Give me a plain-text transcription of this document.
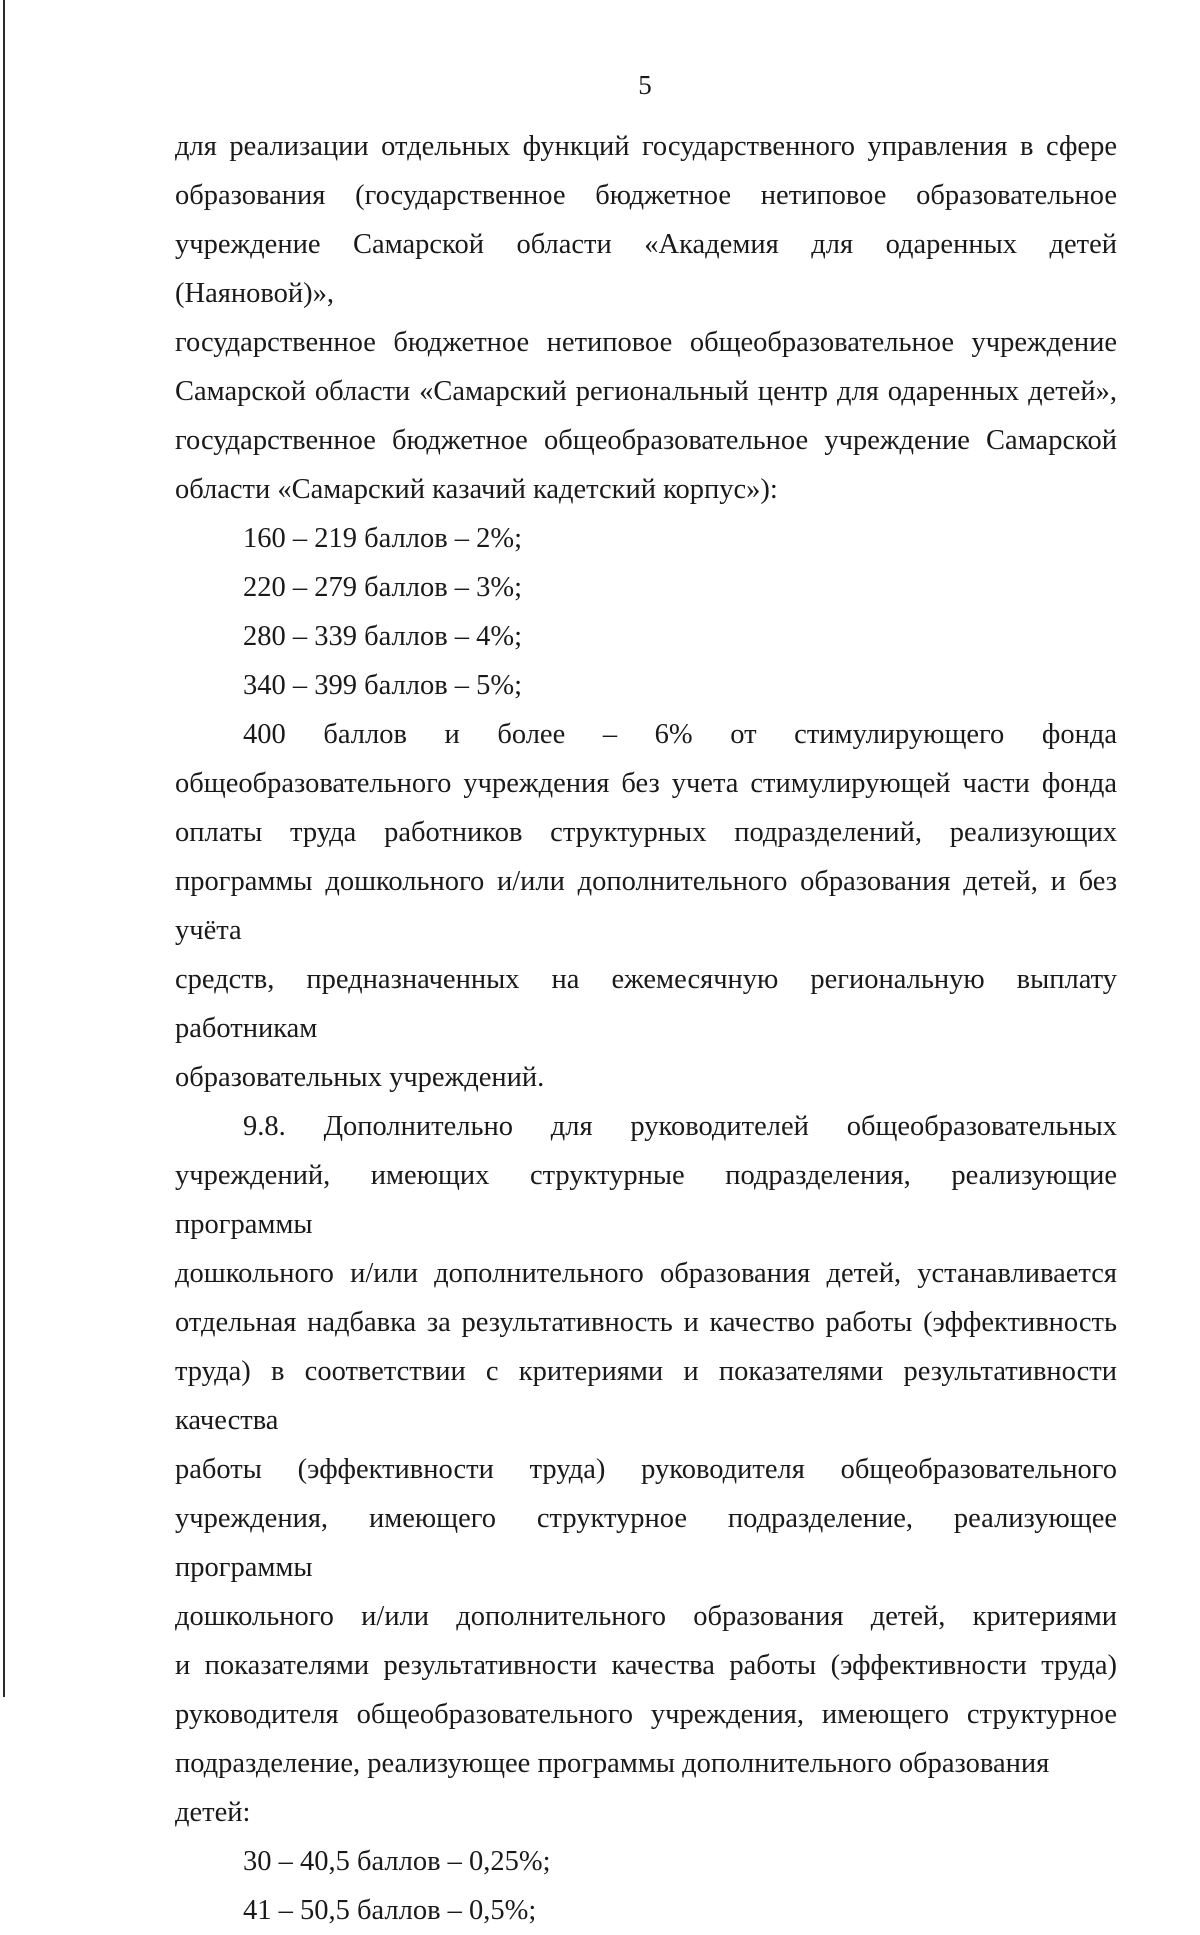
5
для реализации отдельных функций государственного управления в сфере
образования (государственное бюджетное нетиповое образовательное
учреждение Самарской области «Академия для одаренных детей (Наяновой)»,
государственное бюджетное нетиповое общеобразовательное учреждение
Самарской области «Самарский региональный центр для одаренных детей»,
государственное бюджетное общеобразовательное учреждение Самарской
области «Самарский казачий кадетский корпус»):
160 – 219 баллов – 2%;
220 – 279 баллов – 3%;
280 – 339 баллов – 4%;
340 – 399 баллов – 5%;
400 баллов и более – 6% от стимулирующего фонда
общеобразовательного учреждения без учета стимулирующей части фонда
оплаты труда работников структурных подразделений, реализующих
программы дошкольного и/или дополнительного образования детей, и без учёта
средств, предназначенных на ежемесячную региональную выплату работникам
образовательных учреждений.
9.8. Дополнительно для руководителей общеобразовательных
учреждений, имеющих структурные подразделения, реализующие программы
дошкольного и/или дополнительного образования детей, устанавливается
отдельная надбавка за результативность и качество работы (эффективность
труда) в соответствии с критериями и показателями результативности качества
работы (эффективности труда) руководителя общеобразовательного
учреждения, имеющего структурное подразделение, реализующее программы
дошкольного и/или дополнительного образования детей, критериями
и показателями результативности качества работы (эффективности труда)
руководителя общеобразовательного учреждения, имеющего структурное
подразделение, реализующее программы дополнительного образования детей:
30 – 40,5 баллов – 0,25%;
41 – 50,5 баллов – 0,5%;
